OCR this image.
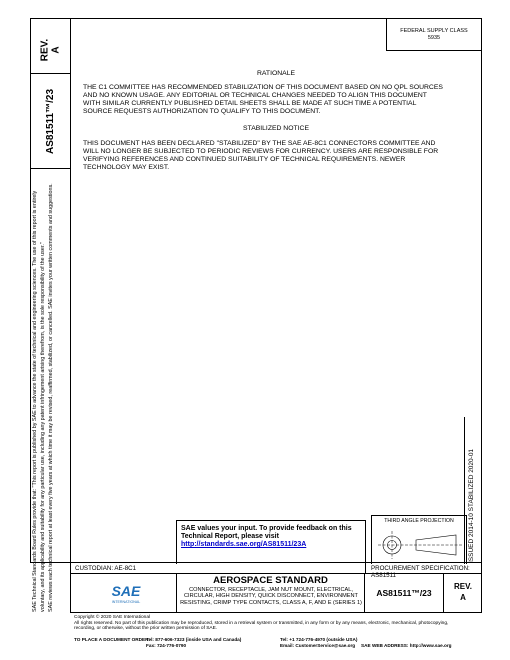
REV.
A
AS81511™/23
SAE Technical Standards Board Rules provide that: "This report is published by SAE to advance the state of technical and engineering sciences. The use of this report is entirely voluntary, and its applicability and suitability for any particular use, including any patent infringement arising therefrom, is the sole responsibility of the user." SAE reviews each technical report at least every five years at which time it may be revised, reaffirmed, stabilized, or cancelled. SAE invites your written comments and suggestions.
FEDERAL SUPPLY CLASS
5935
RATIONALE
THE C1 COMMITTEE HAS RECOMMENDED STABILIZATION OF THIS DOCUMENT BASED ON NO QPL SOURCES AND NO KNOWN USAGE. ANY EDITORIAL OR TECHNICAL CHANGES NEEDED TO ALIGN THIS DOCUMENT WITH SIMILAR CURRENTLY PUBLISHED DETAIL SHEETS SHALL BE MADE AT SUCH TIME A POTENTIAL SOURCE REQUESTS AUTHORIZATION TO QUALIFY TO THIS DOCUMENT.
STABILIZED NOTICE
THIS DOCUMENT HAS BEEN DECLARED "STABILIZED" BY THE SAE AE-8C1 CONNECTORS COMMITTEE AND WILL NO LONGER BE SUBJECTED TO PERIODIC REVIEWS FOR CURRENCY. USERS ARE RESPONSIBLE FOR VERIFYING REFERENCES AND CONTINUED SUITABILITY OF TECHNICAL REQUIREMENTS. NEWER TECHNOLOGY MAY EXIST.
ISSUED 2014-10 STABILIZED 2020-01
SAE values your input. To provide feedback on this Technical Report, please visit
http://standards.sae.org/AS81511/23A
THIRD ANGLE PROJECTION
CUSTODIAN: AE-8C1	PROCUREMENT SPECIFICATION: AS81511
SAE
INTERNATIONAL
AEROSPACE STANDARD
CONNECTOR, RECEPTACLE, JAM NUT MOUNT, ELECTRICAL, CIRCULAR, HIGH DENSITY, QUICK DISCONNECT, ENVIRONMENT RESISTING, CRIMP TYPE CONTACTS, CLASS A, F, AND E (SERIES 1)
AS81511™/23
REV.
A
Copyright © 2020 SAE International
All rights reserved. No part of this publication may be reproduced, stored in a retrieval system or transmitted, in any form or by any means, electronic, mechanical, photocopying,
recording, or otherwise, without the prior written permission of SAE.
TO PLACE A DOCUMENT ORDER:
Tel: 877-606-7323 (inside USA and Canada)
Fax: 724-776-0790
Tel: +1 724-776-4970 (outside USA)
Email: CustomerService@sae.org SAE WEB ADDRESS: http://www.sae.org
